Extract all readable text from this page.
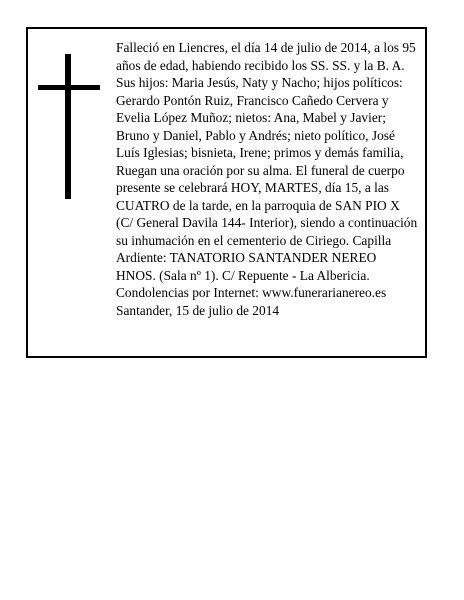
Falleció en Liencres, el día 14 de julio de 2014, a los 95
años de edad, habiendo recibido los SS. SS. y la B. A.
Sus hijos: Maria Jesús, Naty y Nacho; hijos políticos:
Gerardo Pontón Ruiz, Francisco Cañedo Cervera y
Evelia López Muñoz; nietos: Ana, Mabel y Javier;
Bruno y Daniel, Pablo y Andrés; nieto político, José
Luís Iglesias; bisnieta, Irene; primos y demás familia,
Ruegan una oración por su alma. El funeral de cuerpo
presente se celebrará HOY, MARTES, día 15, a las
CUATRO de la tarde, en la parroquia de SAN PIO X
(C/ General Davila 144- Interior), siendo a continuación
su inhumación en el cementerio de Ciriego. Capilla
Ardiente: TANATORIO SANTANDER NEREO
HNOS. (Sala nº 1). C/ Repuente - La Albericia.
Condolencias por Internet: www.funerarianereo.es
Santander, 15 de julio de 2014
